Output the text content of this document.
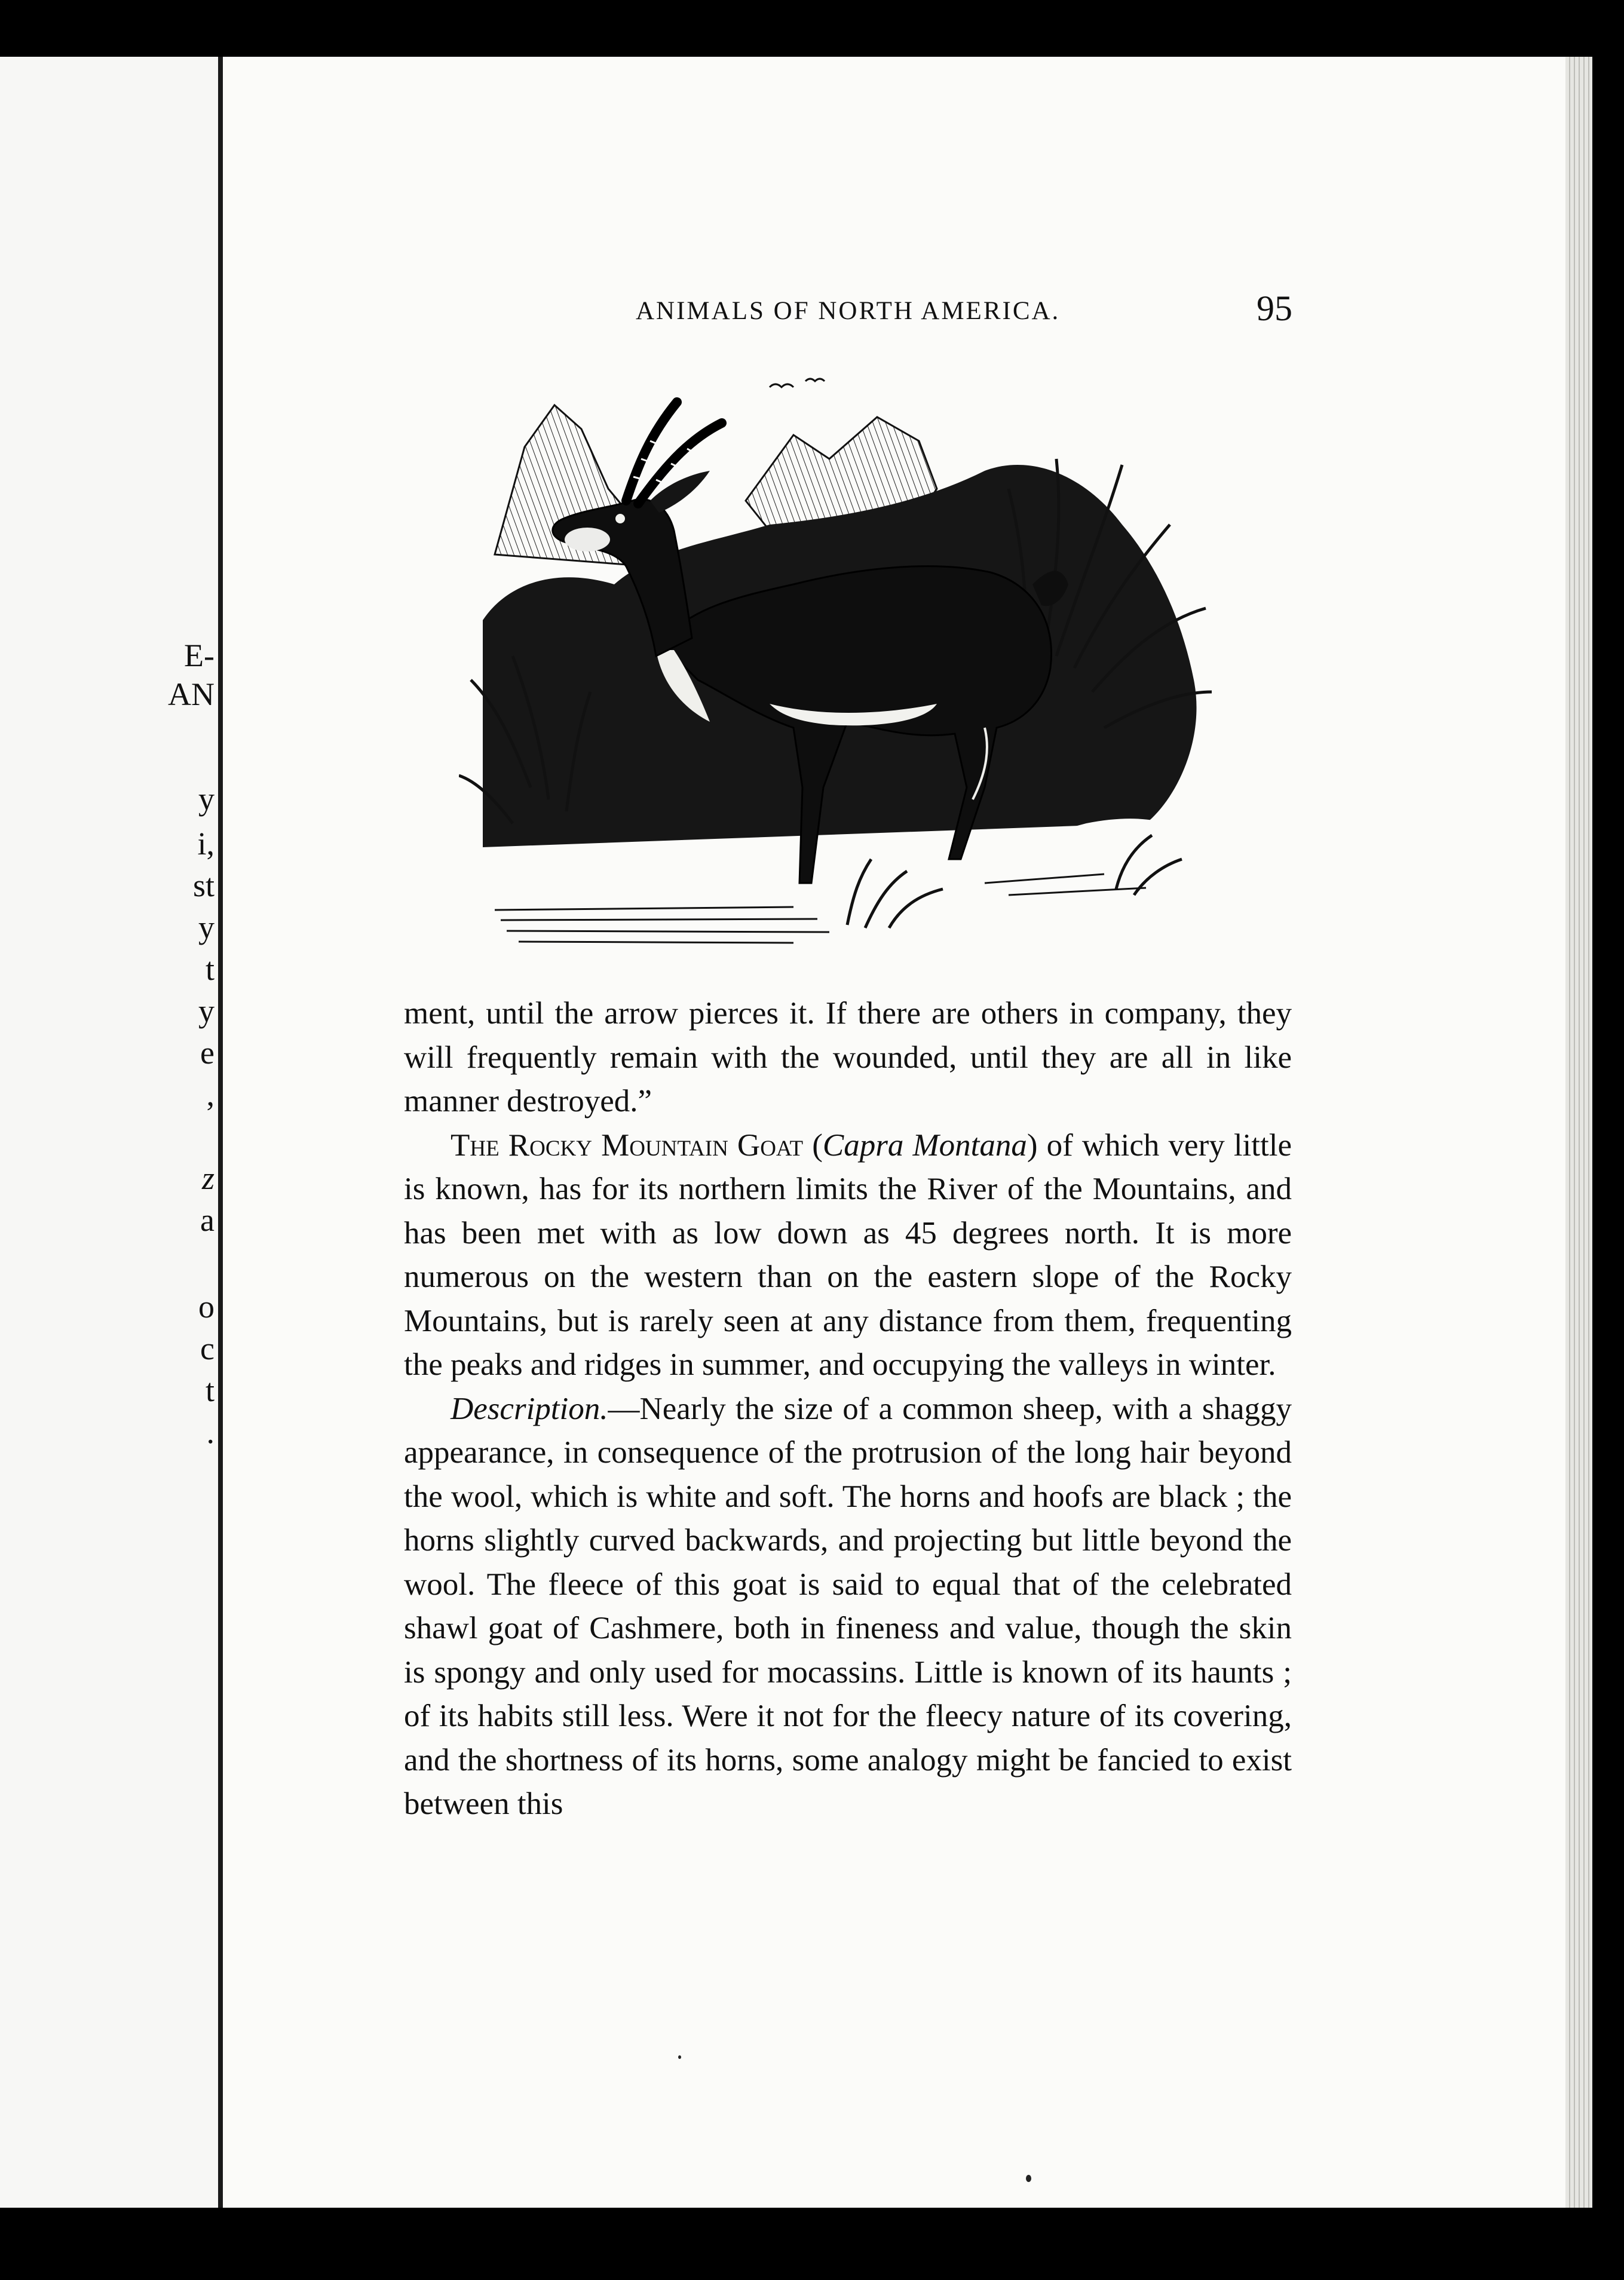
E-
AN
y
i,
st
y
t
y
e
,
z
a
o
c
t
.
ANIMALS OF NORTH AMERICA.	95

ment, until the arrow pierces it. If there are others in company, they will frequently remain with the wounded, until they are all in like manner destroyed.”

The Rocky Mountain Goat (Capra Montana) of which very little is known, has for its northern limits the River of the Mountains, and has been met with as low down as 45 degrees north. It is more numerous on the western than on the eastern slope of the Rocky Mountains, but is rarely seen at any distance from them, frequenting the peaks and ridges in summer, and occupying the valleys in winter.

Description.—Nearly the size of a common sheep, with a shaggy appearance, in consequence of the protrusion of the long hair beyond the wool, which is white and soft. The horns and hoofs are black ; the horns slightly curved backwards, and projecting but little beyond the wool. The fleece of this goat is said to equal that of the celebrated shawl goat of Cashmere, both in fineness and value, though the skin is spongy and only used for mocassins. Little is known of its haunts ; of its habits still less. Were it not for the fleecy nature of its covering, and the shortness of its horns, some analogy might be fancied to exist between this
